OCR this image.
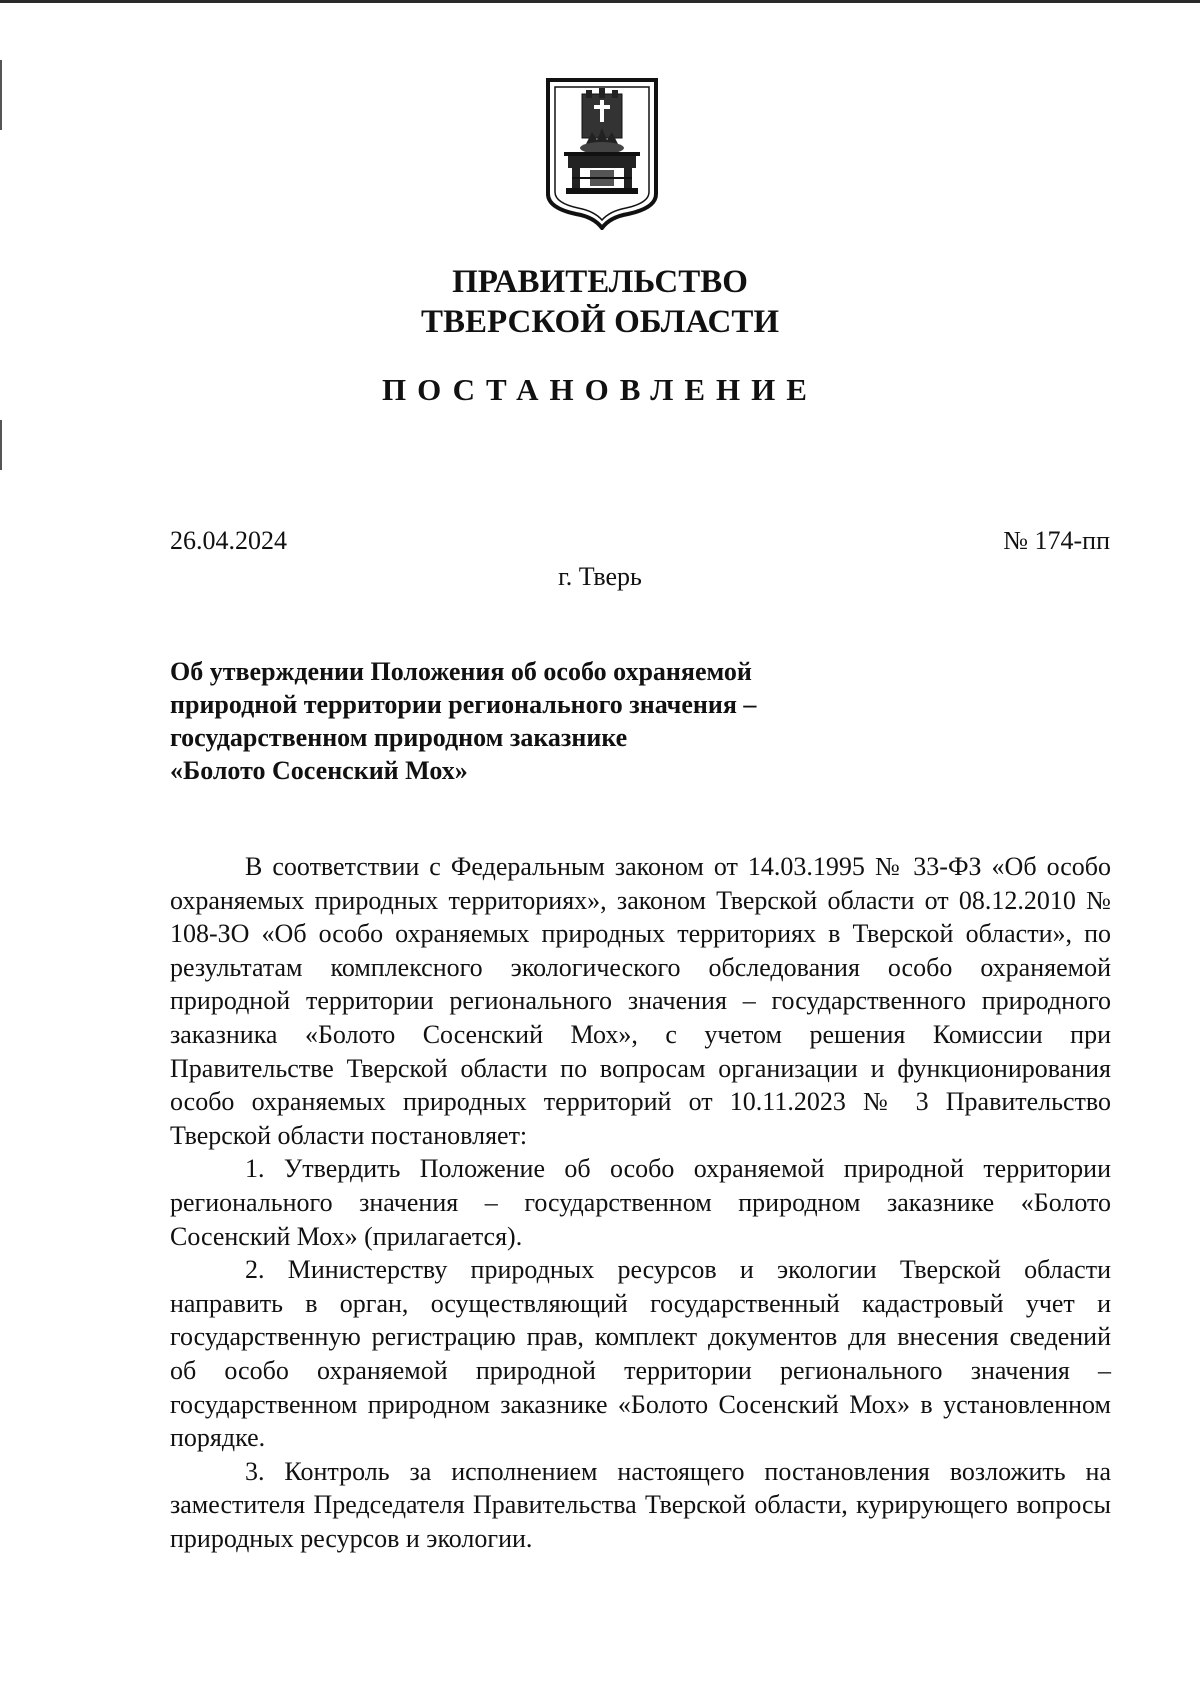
ПРАВИТЕЛЬСТВО
ТВЕРСКОЙ ОБЛАСТИ
ПОСТАНОВЛЕНИЕ
26.04.2024	№ 174-пп
г. Тверь
Об утверждении Положения об особо охраняемой
природной территории регионального значения –
государственном природном заказнике
«Болото Сосенский Мох»

В соответствии с Федеральным законом от 14.03.1995 № 33-ФЗ «Об особо охраняемых природных территориях», законом Тверской области от 08.12.2010 № 108-ЗО «Об особо охраняемых природных территориях в Тверской области», по результатам комплексного экологического обследования особо охраняемой природной территории регионального значения – государственного природного заказника «Болото Сосенский Мох», с учетом решения Комиссии при Правительстве Тверской области по вопросам организации и функционирования особо охраняемых природных территорий от 10.11.2023 № 3 Правительство Тверской области постановляет:

1. Утвердить Положение об особо охраняемой природной территории регионального значения – государственном природном заказнике «Болото Сосенский Мох» (прилагается).

2. Министерству природных ресурсов и экологии Тверской области направить в орган, осуществляющий государственный кадастровый учет и государственную регистрацию прав, комплект документов для внесения сведений об особо охраняемой природной территории регионального значения – государственном природном заказнике «Болото Сосенский Мох» в установленном порядке.

3. Контроль за исполнением настоящего постановления возложить на заместителя Председателя Правительства Тверской области, курирующего вопросы природных ресурсов и экологии.
